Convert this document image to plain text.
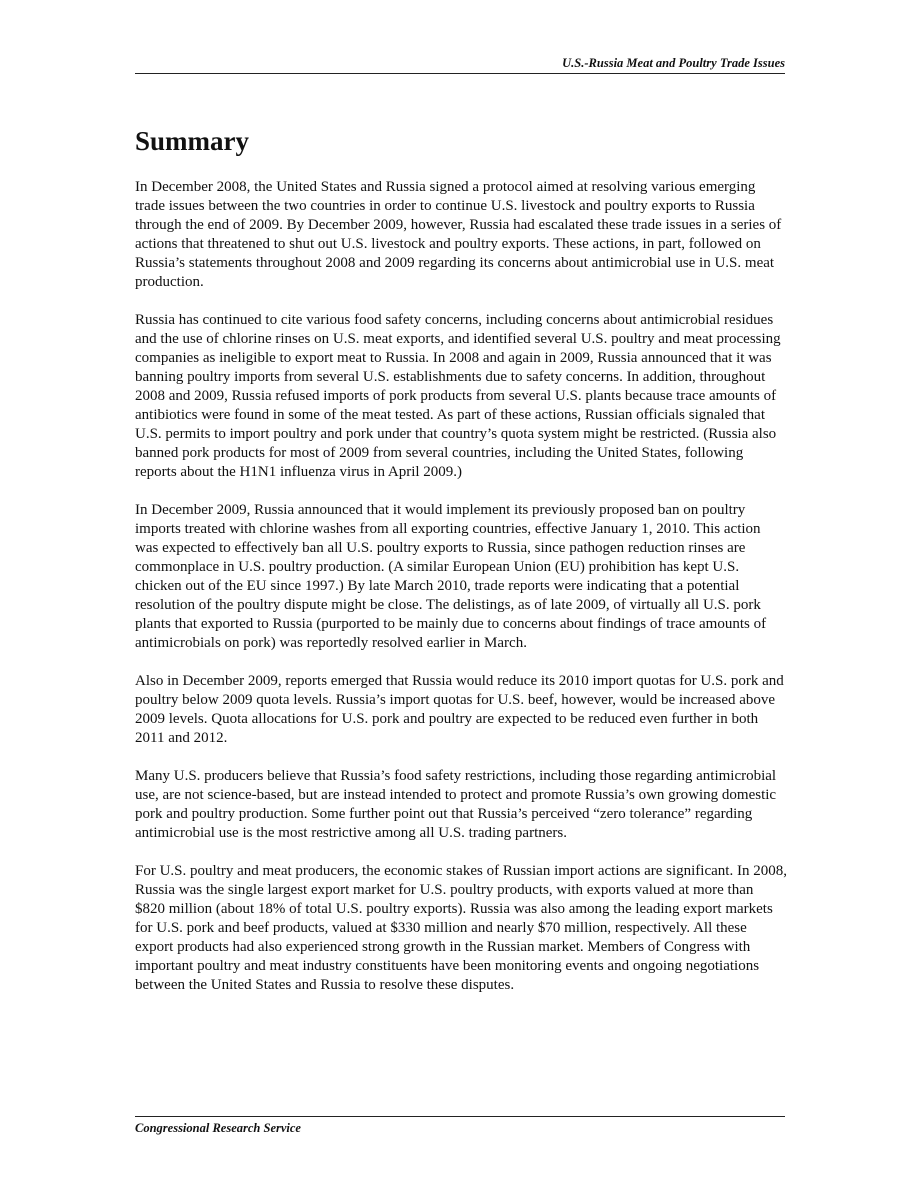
U.S.-Russia Meat and Poultry Trade Issues
Summary

In December 2008, the United States and Russia signed a protocol aimed at resolving various emerging trade issues between the two countries in order to continue U.S. livestock and poultry exports to Russia through the end of 2009. By December 2009, however, Russia had escalated these trade issues in a series of actions that threatened to shut out U.S. livestock and poultry exports. These actions, in part, followed on Russia’s statements throughout 2008 and 2009 regarding its concerns about antimicrobial use in U.S. meat production.

Russia has continued to cite various food safety concerns, including concerns about antimicrobial residues and the use of chlorine rinses on U.S. meat exports, and identified several U.S. poultry and meat processing companies as ineligible to export meat to Russia. In 2008 and again in 2009, Russia announced that it was banning poultry imports from several U.S. establishments due to safety concerns. In addition, throughout 2008 and 2009, Russia refused imports of pork products from several U.S. plants because trace amounts of antibiotics were found in some of the meat tested. As part of these actions, Russian officials signaled that U.S. permits to import poultry and pork under that country’s quota system might be restricted. (Russia also banned pork products for most of 2009 from several countries, including the United States, following reports about the H1N1 influenza virus in April 2009.)

In December 2009, Russia announced that it would implement its previously proposed ban on poultry imports treated with chlorine washes from all exporting countries, effective January 1, 2010. This action was expected to effectively ban all U.S. poultry exports to Russia, since pathogen reduction rinses are commonplace in U.S. poultry production. (A similar European Union (EU) prohibition has kept U.S. chicken out of the EU since 1997.) By late March 2010, trade reports were indicating that a potential resolution of the poultry dispute might be close. The delistings, as of late 2009, of virtually all U.S. pork plants that exported to Russia (purported to be mainly due to concerns about findings of trace amounts of antimicrobials on pork) was reportedly resolved earlier in March.

Also in December 2009, reports emerged that Russia would reduce its 2010 import quotas for U.S. pork and poultry below 2009 quota levels. Russia’s import quotas for U.S. beef, however, would be increased above 2009 levels. Quota allocations for U.S. pork and poultry are expected to be reduced even further in both 2011 and 2012.

Many U.S. producers believe that Russia’s food safety restrictions, including those regarding antimicrobial use, are not science-based, but are instead intended to protect and promote Russia’s own growing domestic pork and poultry production. Some further point out that Russia’s perceived “zero tolerance” regarding antimicrobial use is the most restrictive among all U.S. trading partners.

For U.S. poultry and meat producers, the economic stakes of Russian import actions are significant. In 2008, Russia was the single largest export market for U.S. poultry products, with exports valued at more than $820 million (about 18% of total U.S. poultry exports). Russia was also among the leading export markets for U.S. pork and beef products, valued at $330 million and nearly $70 million, respectively. All these export products had also experienced strong growth in the Russian market. Members of Congress with important poultry and meat industry constituents have been monitoring events and ongoing negotiations between the United States and Russia to resolve these disputes.

Congressional Research Service
